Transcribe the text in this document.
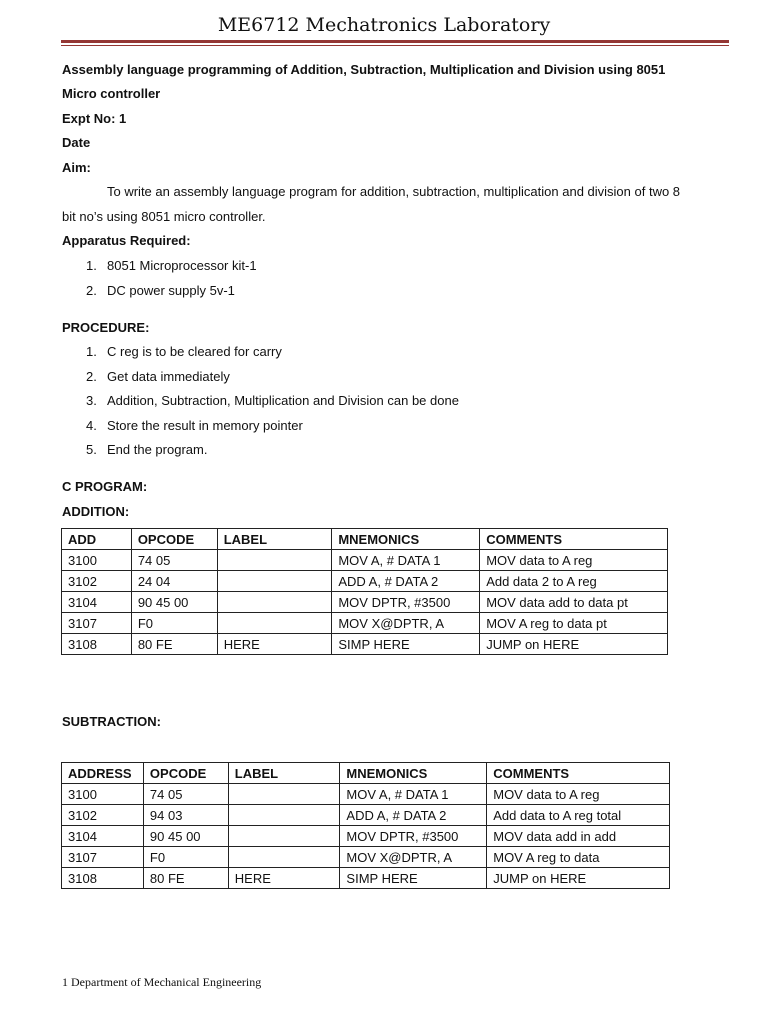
ME6712 Mechatronics Laboratory
Assembly language programming of Addition, Subtraction, Multiplication and Division using 8051
Micro controller
Expt No: 1
Date
Aim:
To write an assembly language program for addition, subtraction, multiplication and division of two 8
bit no’s using 8051 micro controller.
Apparatus Required:
1. 8051 Microprocessor kit-1
2. DC power supply 5v-1
PROCEDURE:
1. C reg is to be cleared for carry
2. Get data immediately
3. Addition, Subtraction, Multiplication and Division can be done
4. Store the result in memory pointer
5. End the program.
C PROGRAM:
ADDITION:
ADD	OPCODE	LABEL	MNEMONICS	COMMENTS
3100	74 05		MOV A, # DATA 1	MOV data to A reg
3102	24 04		ADD A, # DATA 2	Add data 2 to A reg
3104	90 45 00		MOV DPTR, #3500	MOV data add to data pt
3107	F0		MOV X@DPTR, A	MOV A reg to data pt
3108	80 FE	HERE	SIMP HERE	JUMP on HERE
SUBTRACTION:
ADDRESS	OPCODE	LABEL	MNEMONICS	COMMENTS
3100	74 05		MOV A, # DATA 1	MOV data to A reg
3102	94 03		ADD A, # DATA 2	Add data to A reg total
3104	90 45 00		MOV DPTR, #3500	MOV data add in add
3107	F0		MOV X@DPTR, A	MOV A reg to data
3108	80 FE	HERE	SIMP HERE	JUMP on HERE
1 Department of Mechanical Engineering
